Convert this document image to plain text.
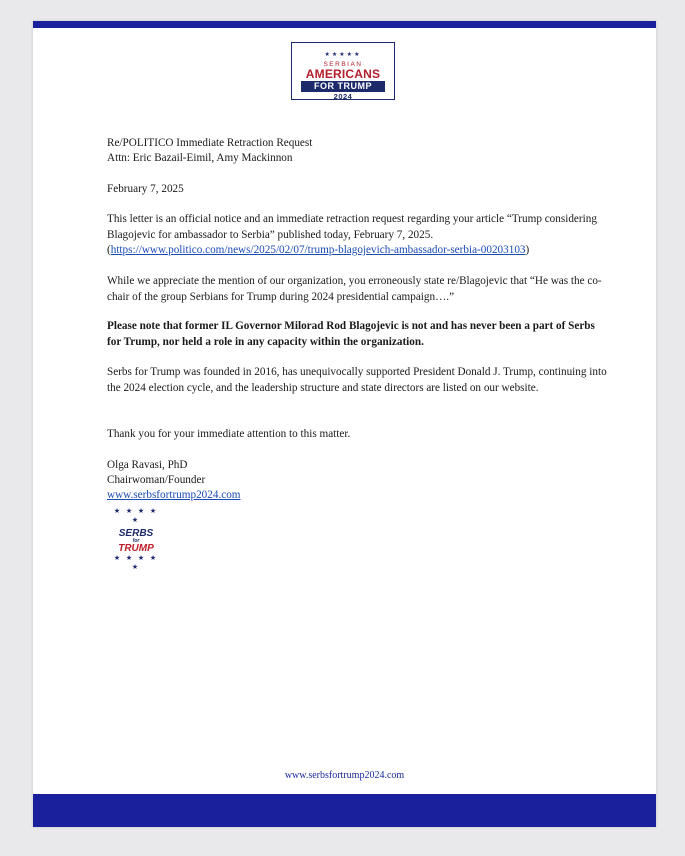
★★★★★
SERBIAN
AMERICANS
FOR TRUMP
2024

Re/POLITICO Immediate Retraction Request

Attn: Eric Bazail-Eimil, Amy Mackinnon

February 7, 2025

This letter is an official notice and an immediate retraction request regarding your article “Trump considering Blagojevic for ambassador to Serbia” published today, February 7, 2025.
(https://www.politico.com/news/2025/02/07/trump-blagojevich-ambassador-serbia-00203103)

While we appreciate the mention of our organization, you erroneously state re/Blagojevic that “He was the co-chair of the group Serbians for Trump during 2024 presidential campaign….”

Please note that former IL Governor Milorad Rod Blagojevic is not and has never been a part of Serbs for Trump, nor held a role in any capacity within the organization.

Serbs for Trump was founded in 2016, has unequivocally supported President Donald J. Trump, continuing into the 2024 election cycle, and the leadership structure and state directors are listed on our website.

Thank you for your immediate attention to this matter.

Olga Ravasi, PhD

Chairwoman/Founder

www.serbsfortrump2024.com

★ ★ ★ ★ ★
SERBS
for
TRUMP
★ ★ ★ ★ ★
www.serbsfortrump2024.com
